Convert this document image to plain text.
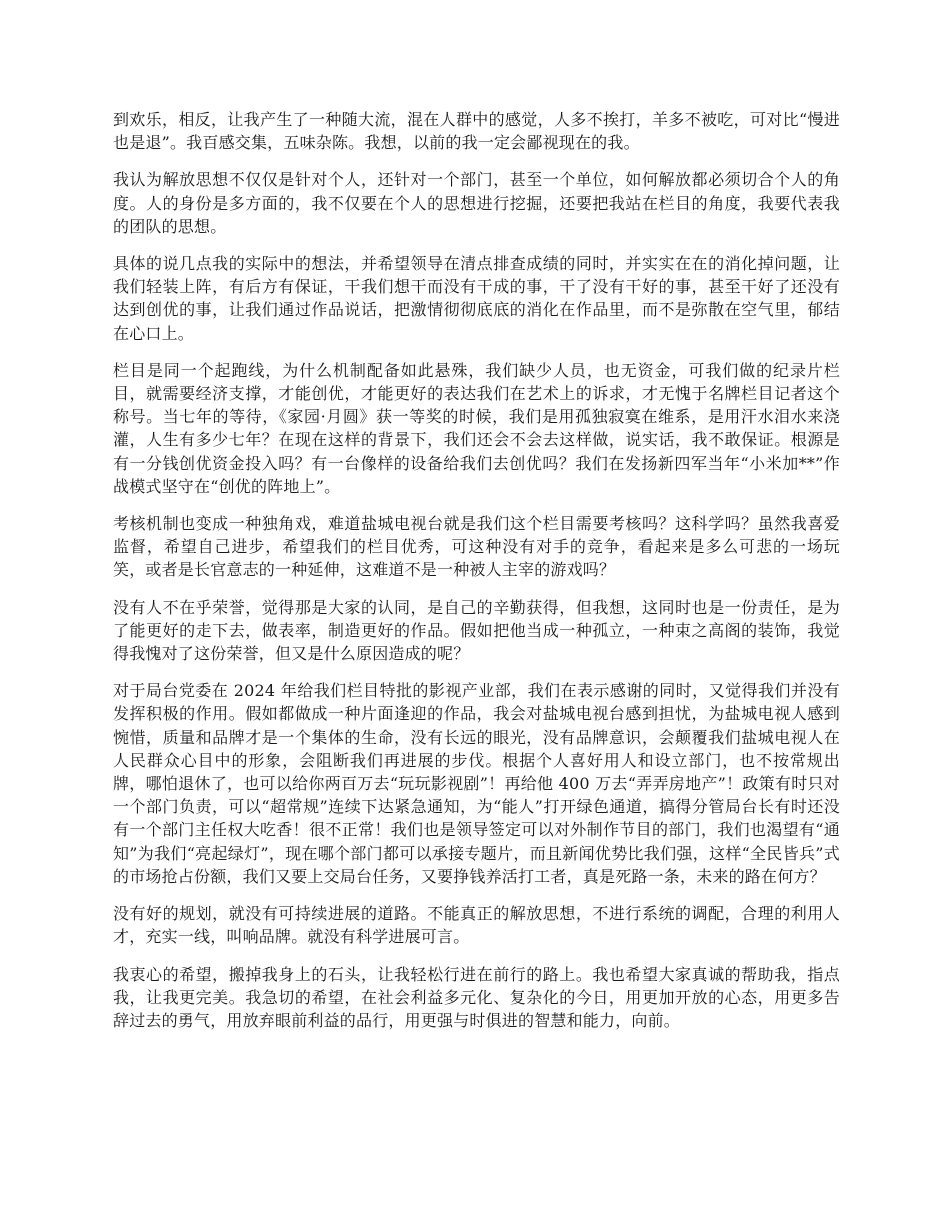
到欢乐，相反，让我产生了一种随大流，混在人群中的感觉，人多不挨打，羊多不被吃，可对比“慢进也是退”。我百感交集，五味杂陈。我想，以前的我一定会鄙视现在的我。

我认为解放思想不仅仅是针对个人，还针对一个部门，甚至一个单位，如何解放都必须切合个人的角度。人的身份是多方面的，我不仅要在个人的思想进行挖掘，还要把我站在栏目的角度，我要代表我的团队的思想。

具体的说几点我的实际中的想法，并希望领导在清点排查成绩的同时，并实实在在的消化掉问题，让我们轻装上阵，有后方有保证，干我们想干而没有干成的事，干了没有干好的事，甚至干好了还没有达到创优的事，让我们通过作品说话，把激情彻彻底底的消化在作品里，而不是弥散在空气里，郁结在心口上。

栏目是同一个起跑线，为什么机制配备如此悬殊，我们缺少人员，也无资金，可我们做的纪录片栏目，就需要经济支撑，才能创优，才能更好的表达我们在艺术上的诉求，才无愧于名牌栏目记者这个称号。当七年的等待，《家园·月圆》获一等奖的时候，我们是用孤独寂寞在维系，是用汗水泪水来浇灌，人生有多少七年？在现在这样的背景下，我们还会不会去这样做，说实话，我不敢保证。根源是有一分钱创优资金投入吗？有一台像样的设备给我们去创优吗？我们在发扬新四军当年“小米加**”作战模式坚守在“创优的阵地上”。

考核机制也变成一种独角戏，难道盐城电视台就是我们这个栏目需要考核吗？这科学吗？虽然我喜爱监督，希望自己进步，希望我们的栏目优秀，可这种没有对手的竞争，看起来是多么可悲的一场玩笑，或者是长官意志的一种延伸，这难道不是一种被人主宰的游戏吗？

没有人不在乎荣誉，觉得那是大家的认同，是自己的辛勤获得，但我想，这同时也是一份责任，是为了能更好的走下去，做表率，制造更好的作品。假如把他当成一种孤立，一种束之高阁的装饰，我觉得我愧对了这份荣誉，但又是什么原因造成的呢？

对于局台党委在 2024 年给我们栏目特批的影视产业部，我们在表示感谢的同时，又觉得我们并没有发挥积极的作用。假如都做成一种片面逢迎的作品，我会对盐城电视台感到担忧，为盐城电视人感到惋惜，质量和品牌才是一个集体的生命，没有长远的眼光，没有品牌意识，会颠覆我们盐城电视人在人民群众心目中的形象，会阻断我们再进展的步伐。根据个人喜好用人和设立部门，也不按常规出牌，哪怕退休了，也可以给你两百万去“玩玩影视剧”！再给他 400 万去“弄弄房地产”！政策有时只对一个部门负责，可以“超常规”连续下达紧急通知，为“能人”打开绿色通道，搞得分管局台长有时还没有一个部门主任权大吃香！很不正常！我们也是领导签定可以对外制作节目的部门，我们也渴望有“通知”为我们“亮起绿灯”，现在哪个部门都可以承接专题片，而且新闻优势比我们强，这样“全民皆兵”式的市场抢占份额，我们又要上交局台任务，又要挣钱养活打工者，真是死路一条，未来的路在何方？

没有好的规划，就没有可持续进展的道路。不能真正的解放思想，不进行系统的调配，合理的利用人才，充实一线，叫响品牌。就没有科学进展可言。

我衷心的希望，搬掉我身上的石头，让我轻松行进在前行的路上。我也希望大家真诚的帮助我，指点我，让我更完美。我急切的希望，在社会利益多元化、复杂化的今日，用更加开放的心态，用更多告辞过去的勇气，用放弃眼前利益的品行，用更强与时俱进的智慧和能力，向前。
